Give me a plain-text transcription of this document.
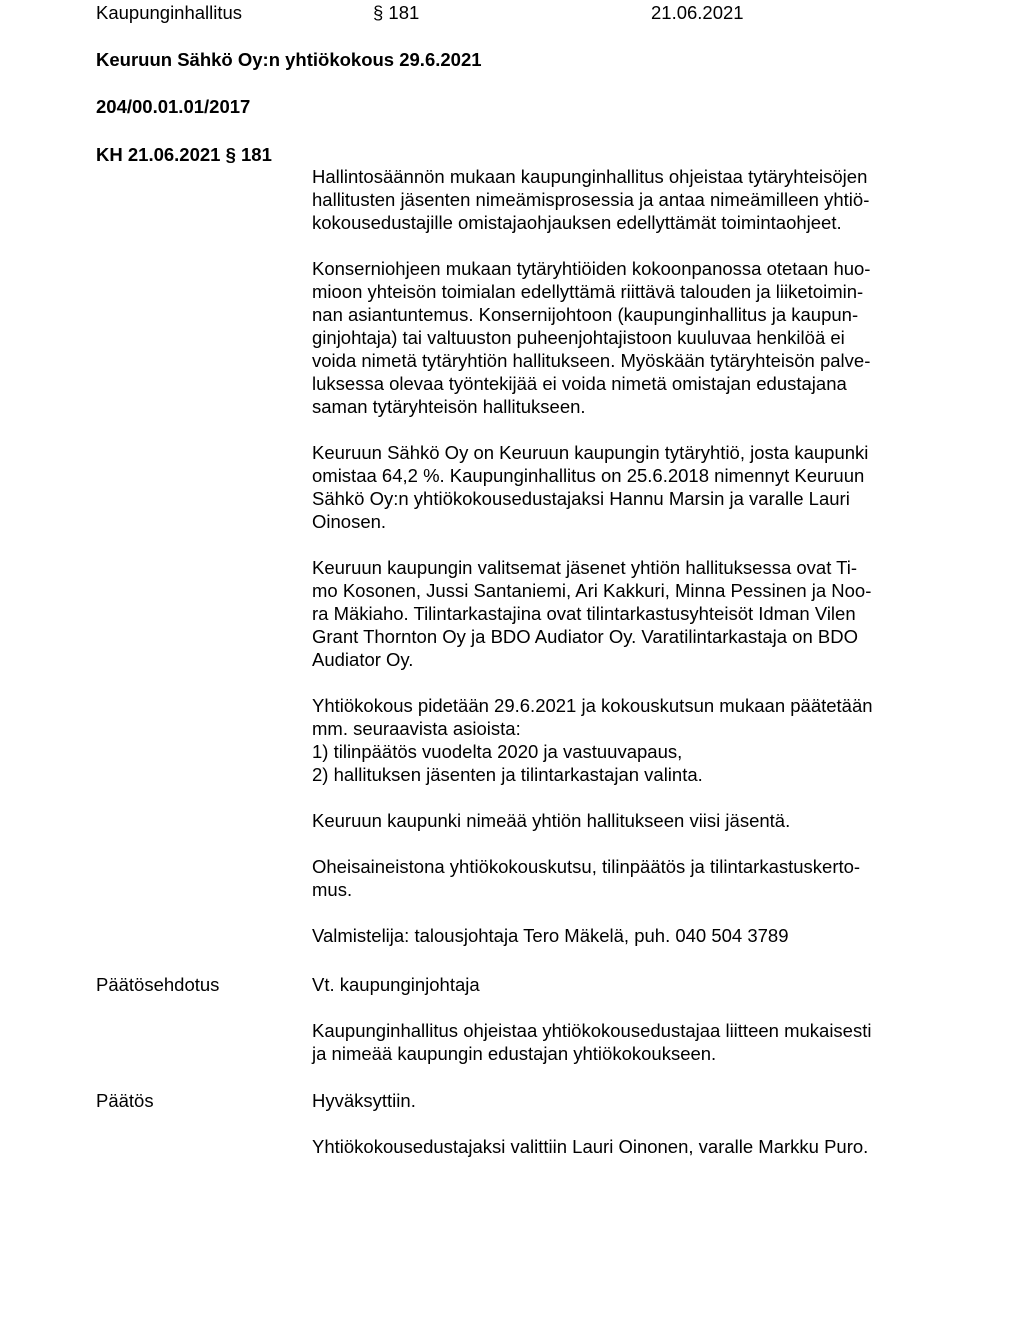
Kaupunginhallitus	§ 181	21.06.2021
Keuruun Sähkö Oy:n yhtiökokous 29.6.2021
204/00.01.01/2017
KH 21.06.2021 § 181
Hallintosäännön mukaan kaupunginhallitus ohjeistaa tytäryhteisöjen
hallitusten jäsenten nimeämisprosessia ja antaa nimeämilleen yhtiö-
kokousedustajille omistajaohjauksen edellyttämät toimintaohjeet.
Konserniohjeen mukaan tytäryhtiöiden kokoonpanossa otetaan huo-
mioon yhteisön toimialan edellyttämä riittävä talouden ja liiketoimin-
nan asiantuntemus. Konsernijohtoon (kaupunginhallitus ja kaupun-
ginjohtaja) tai valtuuston puheenjohtajistoon kuuluvaa henkilöä ei
voida nimetä tytäryhtiön hallitukseen. Myöskään tytäryhteisön palve-
luksessa olevaa työntekijää ei voida nimetä omistajan edustajana
saman tytäryhteisön hallitukseen.
Keuruun Sähkö Oy on Keuruun kaupungin tytäryhtiö, josta kaupunki
omistaa 64,2 %. Kaupunginhallitus on 25.6.2018 nimennyt Keuruun
Sähkö Oy:n yhtiökokousedustajaksi Hannu Marsin ja varalle Lauri
Oinosen.
Keuruun kaupungin valitsemat jäsenet yhtiön hallituksessa ovat Ti-
mo Kosonen, Jussi Santaniemi, Ari Kakkuri, Minna Pessinen ja Noo-
ra Mäkiaho. Tilintarkastajina ovat tilintarkastusyhteisöt Idman Vilen
Grant Thornton Oy ja BDO Audiator Oy. Varatilintarkastaja on BDO
Audiator Oy.
Yhtiökokous pidetään 29.6.2021 ja kokouskutsun mukaan päätetään
mm. seuraavista asioista:
1) tilinpäätös vuodelta 2020 ja vastuuvapaus,
2) hallituksen jäsenten ja tilintarkastajan valinta.
Keuruun kaupunki nimeää yhtiön hallitukseen viisi jäsentä.
Oheisaineistona yhtiökokouskutsu, tilinpäätös ja tilintarkastuskerto-
mus.
Valmistelija: talousjohtaja Tero Mäkelä, puh. 040 504 3789
Päätösehdotus	Vt. kaupunginjohtaja
Kaupunginhallitus ohjeistaa yhtiökokousedustajaa liitteen mukaisesti
ja nimeää kaupungin edustajan yhtiökokoukseen.
Päätös	Hyväksyttiin.
Yhtiökokousedustajaksi valittiin Lauri Oinonen, varalle Markku Puro.
